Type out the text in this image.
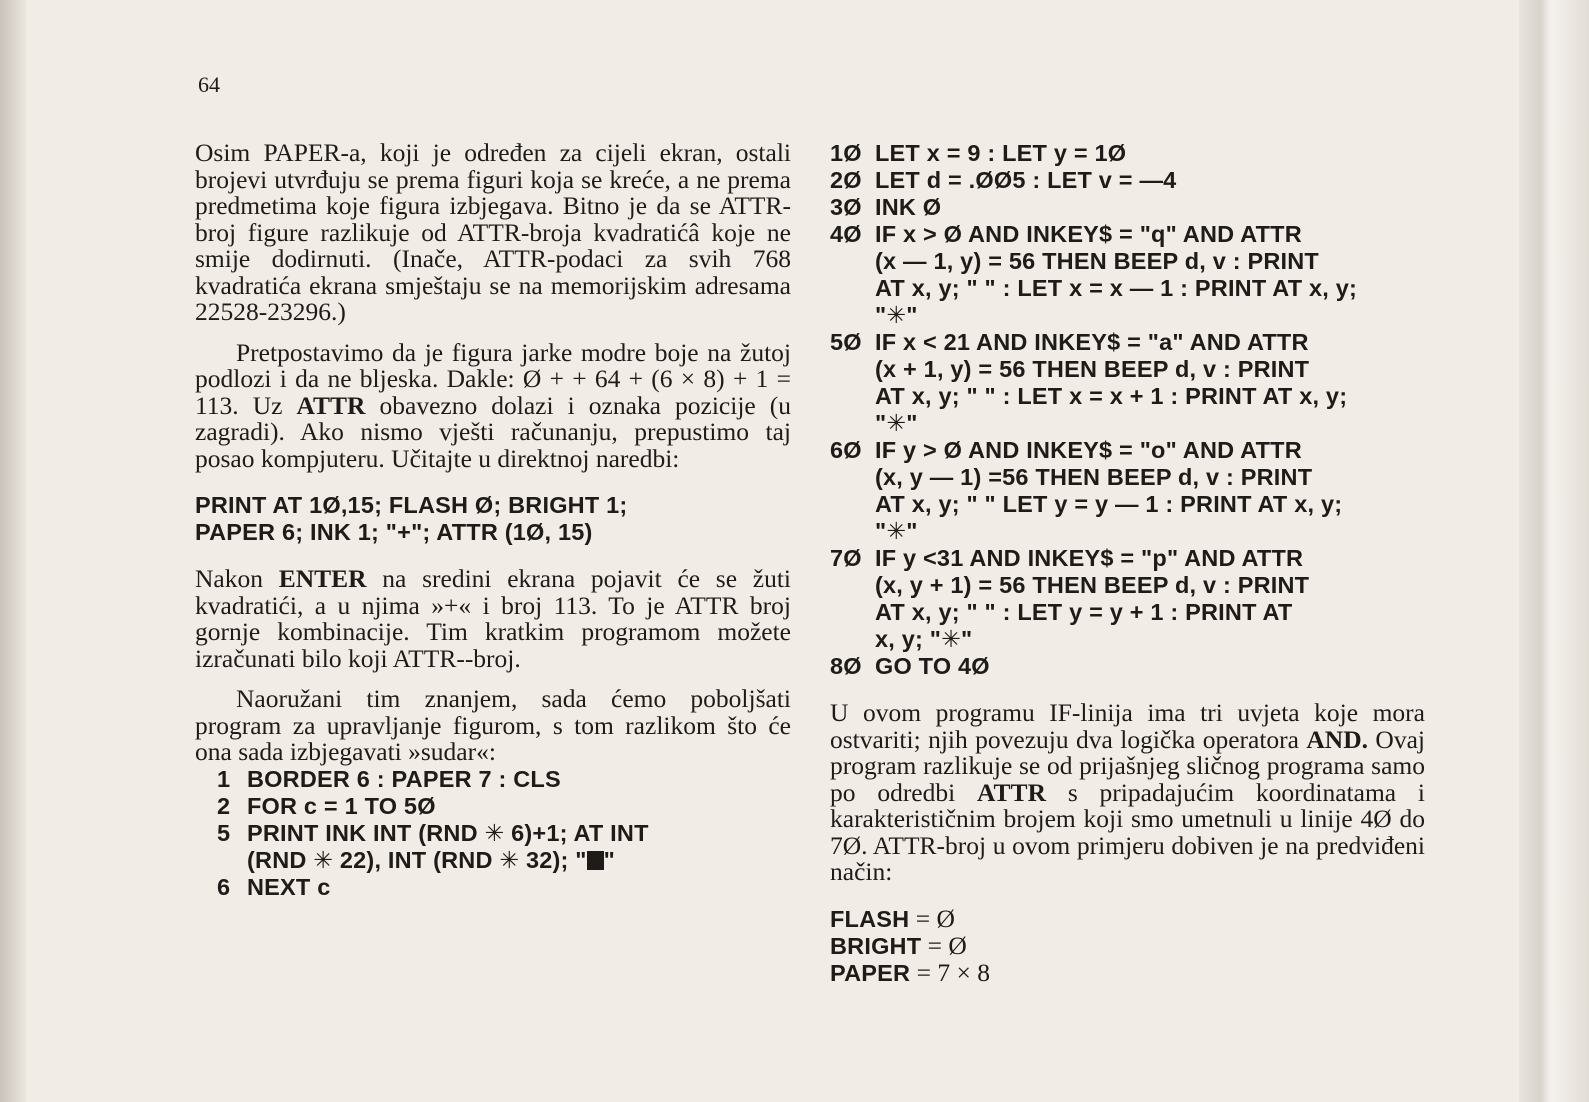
64

Osim PAPER-a, koji je određen za cijeli ekran, ostali brojevi utvrđuju se prema figuri koja se kreće, a ne prema predmetima koje figura izbjegava. Bitno je da se ATTR-broj figure razlikuje od ATTR-broja kvadratićâ koje ne smije dodirnuti. (Inače, ATTR-podaci za svih 768 kvadratića ekrana smještaju se na memorijskim adresama 22528-23296.)

Pretpostavimo da je figura jarke modre boje na žutoj podlozi i da ne bljeska. Dakle: Ø + + 64 + (6 × 8) + 1 = 113. Uz ATTR obavezno dolazi i oznaka pozicije (u zagradi). Ako nismo vješti računanju, prepustimo taj posao kompjuteru. Učitajte u direktnoj naredbi:

PRINT AT 1Ø,15; FLASH Ø; BRIGHT 1;

PAPER 6; INK 1; "+"; ATTR (1Ø, 15)

Nakon ENTER na sredini ekrana pojavit će se žuti kvadratići, a u njima »+« i broj 113. To je ATTR broj gornje kombinacije. Tim kratkim programom možete izračunati bilo koji ATTR--broj.

Naoružani tim znanjem, sada ćemo poboljšati program za upravljanje figurom, s tom razlikom što će ona sada izbjegavati »sudar«:

1 BORDER 6 : PAPER 7 : CLS
2 FOR c = 1 TO 5Ø
5 PRINT INK INT (RND ✳ 6)+1; AT INT
(RND ✳ 22), INT (RND ✳ 32); " "
6 NEXT c
1Ø LET x = 9 : LET y = 1Ø
2Ø LET d = .ØØ5 : LET v = —4
3Ø INK Ø
4Ø IF x > Ø AND INKEY$ = "q" AND ATTR
(x — 1, y) = 56 THEN BEEP d, v : PRINT
AT x, y; " " : LET x = x — 1 : PRINT AT x, y;
"✳"
5Ø IF x < 21 AND INKEY$ = "a" AND ATTR
(x + 1, y) = 56 THEN BEEP d, v : PRINT
AT x, y; " " : LET x = x + 1 : PRINT AT x, y;
"✳"
6Ø IF y > Ø AND INKEY$ = "o" AND ATTR
(x, y — 1) =56 THEN BEEP d, v : PRINT
AT x, y; " " LET y = y — 1 : PRINT AT x, y;
"✳"
7Ø IF y <31 AND INKEY$ = "p" AND ATTR
(x, y + 1) = 56 THEN BEEP d, v : PRINT
AT x, y; " " : LET y = y + 1 : PRINT AT
x, y; "✳"
8Ø GO TO 4Ø

U ovom programu IF-linija ima tri uvjeta koje mora ostvariti; njih povezuju dva logička operatora AND. Ovaj program razlikuje se od prijašnjeg sličnog programa samo po odredbi ATTR s pripadajućim koordinatama i karakterističnim brojem koji smo umetnuli u linije 4Ø do 7Ø. ATTR-broj u ovom primjeru dobiven je na predviđeni način:

FLASH = Ø

BRIGHT = Ø

PAPER = 7 × 8
